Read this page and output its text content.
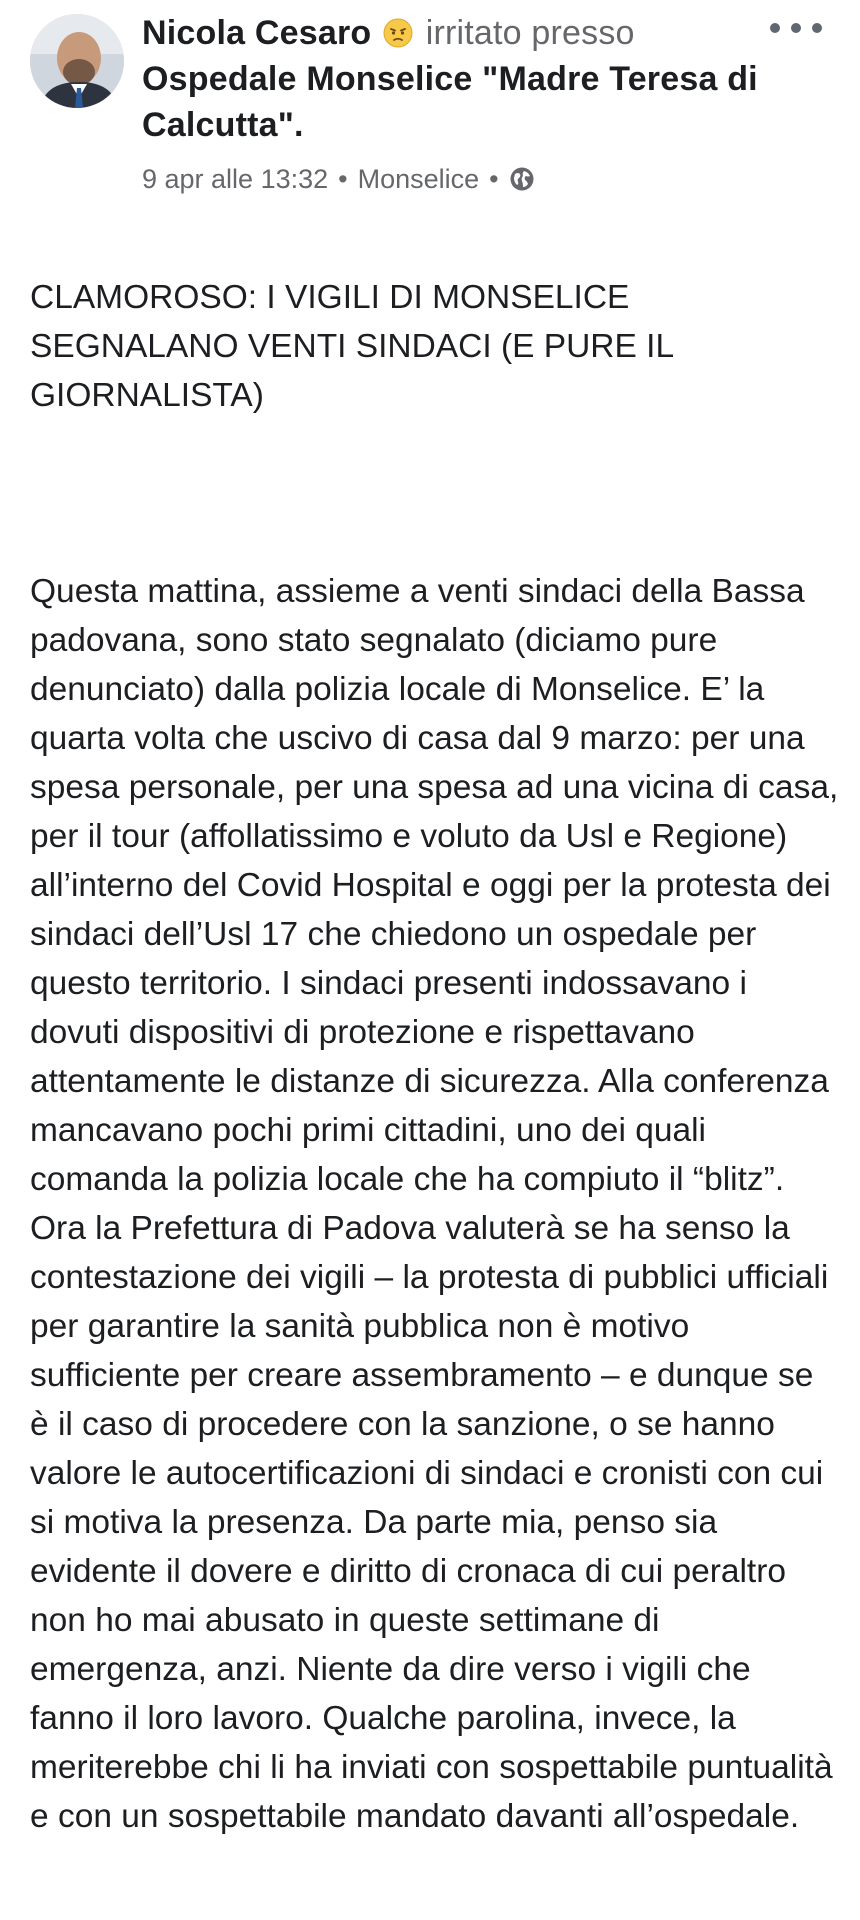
Nicola Cesaro irritato presso
Ospedale Monselice "Madre Teresa di Calcutta".
9 apr alle 13:32 • Monselice •

CLAMOROSO: I VIGILI DI MONSELICE SEGNALANO VENTI SINDACI (E PURE IL GIORNALISTA)

Questa mattina, assieme a venti sindaci della Bassa padovana, sono stato segnalato (diciamo pure denunciato) dalla polizia locale di Monselice. E’ la quarta volta che uscivo di casa dal 9 marzo: per una spesa personale, per una spesa ad una vicina di casa, per il tour (affollatissimo e voluto da Usl e Regione) all’interno del Covid Hospital e oggi per la protesta dei sindaci dell’Usl 17 che chiedono un ospedale per questo territorio. I sindaci presenti indossavano i dovuti dispositivi di protezione e rispettavano attentamente le distanze di sicurezza. Alla conferenza mancavano pochi primi cittadini, uno dei quali comanda la polizia locale che ha compiuto il “blitz”. Ora la Prefettura di Padova valuterà se ha senso la contestazione dei vigili – la protesta di pubblici ufficiali per garantire la sanità pubblica non è motivo sufficiente per creare assembramento – e dunque se è il caso di procedere con la sanzione, o se hanno valore le autocertificazioni di sindaci e cronisti con cui si motiva la presenza. Da parte mia, penso sia evidente il dovere e diritto di cronaca di cui peraltro non ho mai abusato in queste settimane di emergenza, anzi. Niente da dire verso i vigili che fanno il loro lavoro. Qualche parolina, invece, la meriterebbe chi li ha inviati con sospettabile puntualità e con un sospettabile mandato davanti all’ospedale.
